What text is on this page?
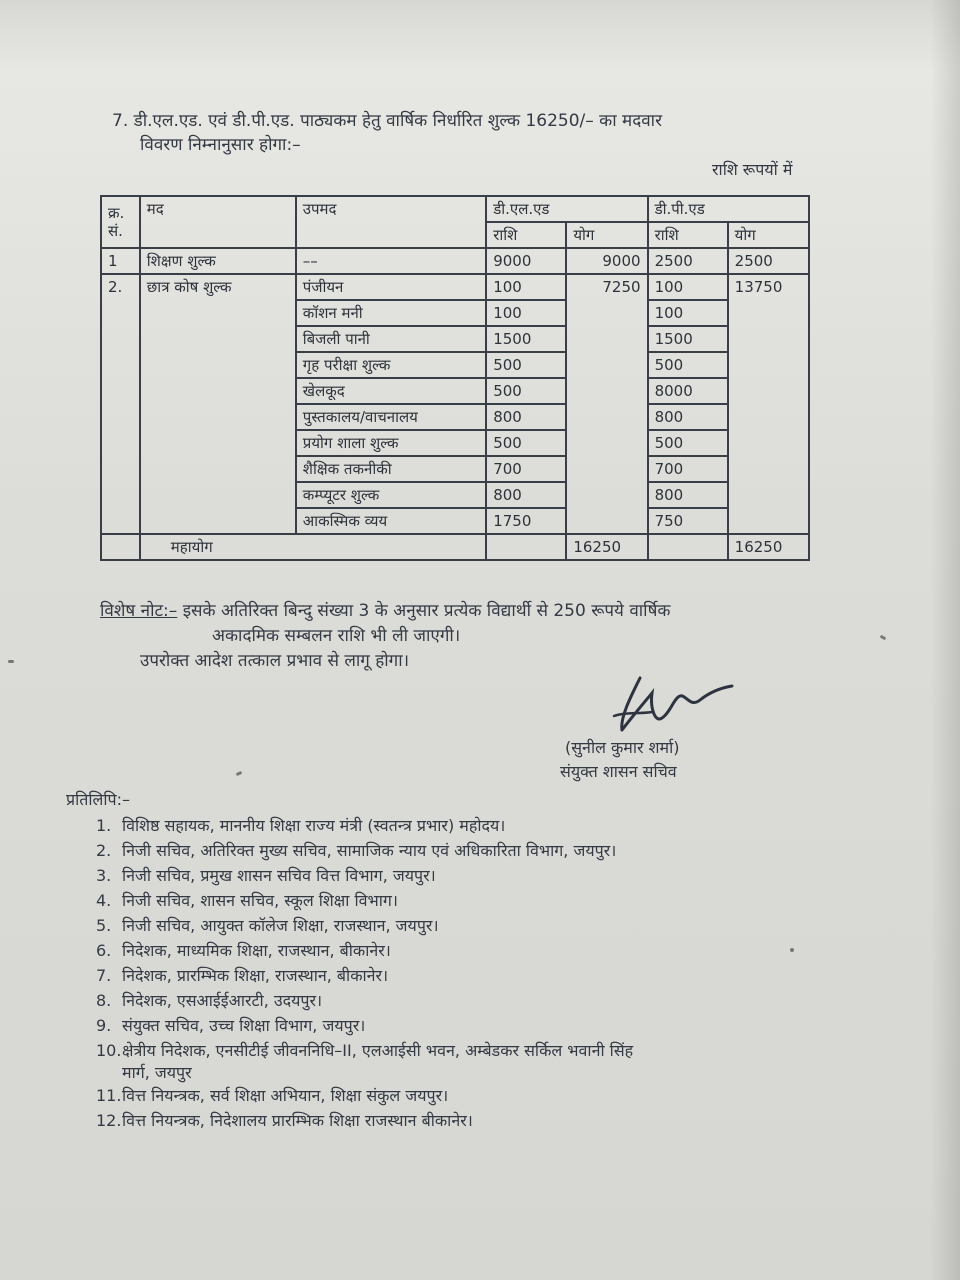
7. डी.एल.एड. एवं डी.पी.एड. पाठ्यकम हेतु वार्षिक निर्धारित शुल्क 16250/– का मदवार
विवरण निम्नानुसार होगा:–
राशि रूपयों में
क्र. सं.	मद	उपमद	डी.एल.एड		डी.पी.एड	
			राशि	योग	राशि	योग
1	शिक्षण शुल्क	––	9000	9000	2500	2500
2.	छात्र कोष शुल्क	पंजीयन	100	7250	100	13750
		कॉशन मनी	100		100	
		बिजली पानी	1500		1500	
		गृह परीक्षा शुल्क	500		500	
		खेलकूद	500		8000	
		पुस्तकालय/वाचनालय	800		800	
		प्रयोग शाला शुल्क	500		500	
		शैक्षिक तकनीकी	700		700	
		कम्प्यूटर शुल्क	800		800	
		आकस्मिक व्यय	1750		750	
	महायोग			16250		16250
विशेष नोट:– इसके अतिरिक्त बिन्दु संख्या 3 के अनुसार प्रत्येक विद्यार्थी से 250 रूपये वार्षिक
अकादमिक सम्बलन राशि भी ली जाएगी।
उपरोक्त आदेश तत्काल प्रभाव से लागू होगा।
(सुनील कुमार शर्मा)
संयुक्त शासन सचिव
प्रतिलिपि:–
1. विशिष्ठ सहायक, माननीय शिक्षा राज्य मंत्री (स्वतन्त्र प्रभार) महोदय।
2. निजी सचिव, अतिरिक्त मुख्य सचिव, सामाजिक न्याय एवं अधिकारिता विभाग, जयपुर।
3. निजी सचिव, प्रमुख शासन सचिव वित्त विभाग, जयपुर।
4. निजी सचिव, शासन सचिव, स्कूल शिक्षा विभाग।
5. निजी सचिव, आयुक्त कॉलेज शिक्षा, राजस्थान, जयपुर।
6. निदेशक, माध्यमिक शिक्षा, राजस्थान, बीकानेर।
7. निदेशक, प्रारम्भिक शिक्षा, राजस्थान, बीकानेर।
8. निदेशक, एसआईईआरटी, उदयपुर।
9. संयुक्त सचिव, उच्च शिक्षा विभाग, जयपुर।
10.क्षेत्रीय निदेशक, एनसीटीई जीवननिधि–II, एलआईसी भवन, अम्बेडकर सर्किल भवानी सिंह
मार्ग, जयपुर
11.वित्त नियन्त्रक, सर्व शिक्षा अभियान, शिक्षा संकुल जयपुर।
12.वित्त नियन्त्रक, निदेशालय प्रारम्भिक शिक्षा राजस्थान बीकानेर।
